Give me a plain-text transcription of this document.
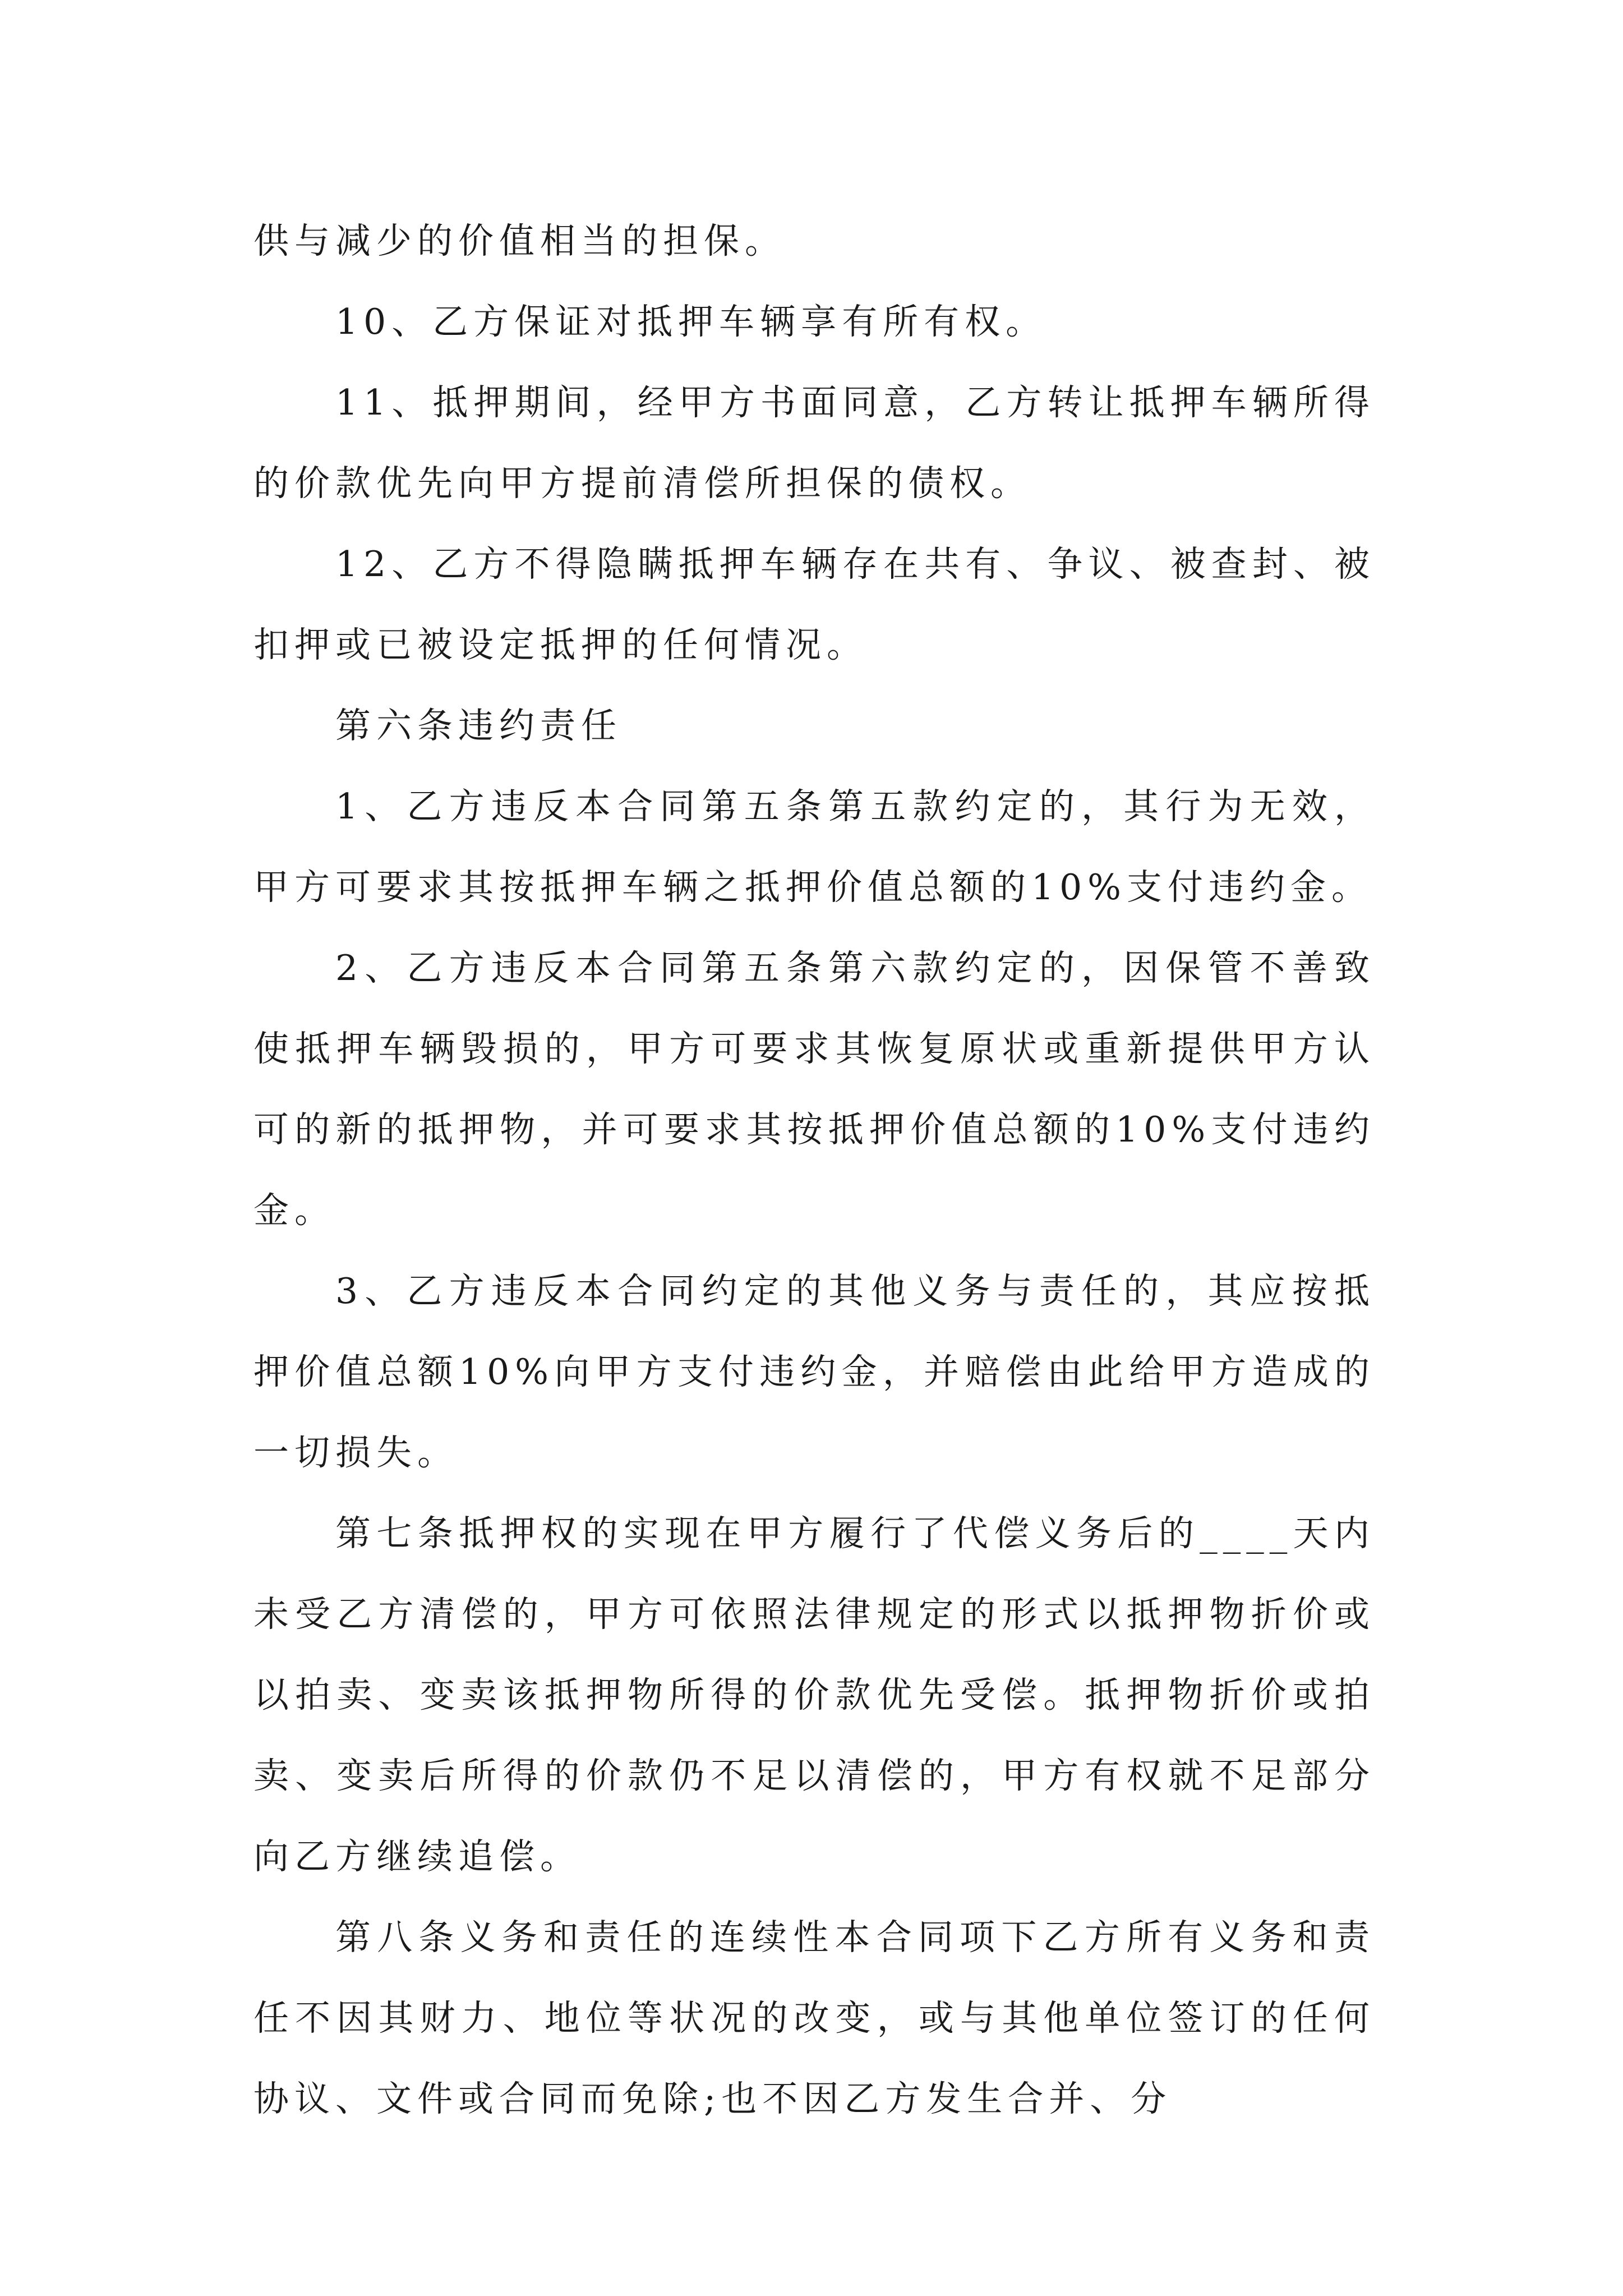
供与减少的价值相当的担保。

10、乙方保证对抵押车辆享有所有权。

11、抵押期间，经甲方书面同意，乙方转让抵押车辆所得的价款优先向甲方提前清偿所担保的债权。

12、乙方不得隐瞒抵押车辆存在共有、争议、被查封、被扣押或已被设定抵押的任何情况。

第六条违约责任

1、乙方违反本合同第五条第五款约定的，其行为无效，甲方可要求其按抵押车辆之抵押价值总额的10%支付违约金。

2、乙方违反本合同第五条第六款约定的，因保管不善致使抵押车辆毁损的，甲方可要求其恢复原状或重新提供甲方认可的新的抵押物，并可要求其按抵押价值总额的10%支付违约金。

3、乙方违反本合同约定的其他义务与责任的，其应按抵押价值总额10%向甲方支付违约金，并赔偿由此给甲方造成的一切损失。

第七条抵押权的实现在甲方履行了代偿义务后的____天内未受乙方清偿的，甲方可依照法律规定的形式以抵押物折价或以拍卖、变卖该抵押物所得的价款优先受偿。抵押物折价或拍卖、变卖后所得的价款仍不足以清偿的，甲方有权就不足部分向乙方继续追偿。

第八条义务和责任的连续性本合同项下乙方所有义务和责任不因其财力、地位等状况的改变，或与其他单位签订的任何协议、文件或合同而免除;也不因乙方发生合并、分
